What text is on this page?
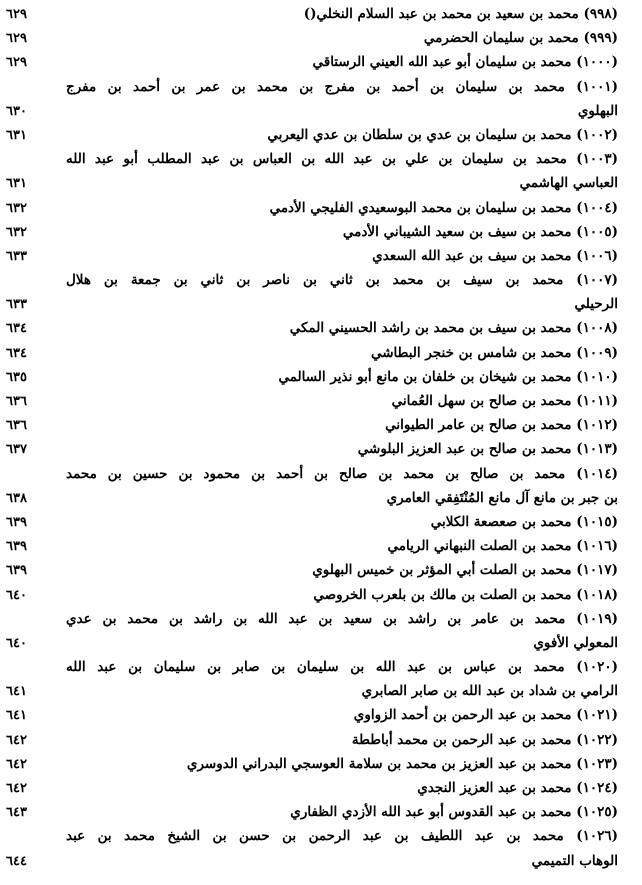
(٩٩٨) محمد بن سعيد بن محمد بن عبد السلام النخلي()
٦٢٩
(٩٩٩) محمد بن سليمان الحضرمي
٦٢٩
(١٠٠٠) محمد بن سليمان أبو عبد الله العيني الرستاقي
٦٢٩
(١٠٠١) محمد بن سليمان بن أحمد بن مفرج بن محمد بن عمر بن أحمد بن مفرج
البهلوي
٦٣٠
(١٠٠٢) محمد بن سليمان بن عدي بن سلطان بن عدي اليعربي
٦٣١
(١٠٠٣) محمد بن سليمان بن علي بن عبد الله بن العباس بن عبد المطلب أبو عبد الله
العباسي الهاشمي
٦٣١
(١٠٠٤) محمد بن سليمان بن محمد البوسعيدي الفليجي الأدمي
٦٣٢
(١٠٠٥) محمد بن سيف بن سعيد الشيباني الأدمي
٦٣٢
(١٠٠٦) محمد بن سيف بن عبد الله السعدي
٦٣٣
(١٠٠٧) محمد بن سيف بن محمد بن ثاني بن ناصر بن ثاني بن جمعة بن هلال
الرحيلي
٦٣٣
(١٠٠٨) محمد بن سيف بن محمد بن راشد الحسيني المكي
٦٣٤
(١٠٠٩) محمد بن شامس بن خنجر البطاشي
٦٣٤
(١٠١٠) محمد بن شيخان بن خلفان بن مانع أبو نذير السالمي
٦٣٥
(١٠١١) محمد بن صالح بن سهل العُماني
٦٣٦
(١٠١٢) محمد بن صالح بن عامر الطيواني
٦٣٦
(١٠١٣) محمد بن صالح بن عبد العزيز البلوشي
٦٣٧
(١٠١٤) محمد بن صالح بن محمد بن صالح بن أحمد بن محمود بن حسين بن محمد
بن جبر بن مانع آل مانع المُنْتَفِقي العامري
٦٣٨
(١٠١٥) محمد بن صعصعة الكلابي
٦٣٩
(١٠١٦) محمد بن الصلت النبهاني الريامي
٦٣٩
(١٠١٧) محمد بن الصلت أبي المؤثر بن خميس البهلوي
٦٣٩
(١٠١٨) محمد بن الصلت بن مالك بن بلعرب الخروصي
٦٤٠
(١٠١٩) محمد بن عامر بن راشد بن سعيد بن عبد الله بن راشد بن محمد بن عدي
المعولي الأفوي
٦٤٠
(١٠٢٠) محمد بن عباس بن عبد الله بن سليمان بن صابر بن سليمان بن عبد الله
الرامي بن شداد بن عبد الله بن صابر الصابري
٦٤١
(١٠٢١) محمد بن عبد الرحمن بن أحمد الزواوي
٦٤١
(١٠٢٢) محمد بن عبد الرحمن بن محمد أباططة
٦٤٢
(١٠٢٣) محمد بن عبد العزيز بن محمد بن سلامة العوسجي البدراني الدوسري
٦٤٢
(١٠٢٤) محمد بن عبد العزيز النجدي
٦٤٢
(١٠٢٥) محمد بن عبد القدوس أبو عبد الله الأزدي الظفاري
٦٤٣
(١٠٢٦) محمد بن عبد اللطيف بن عبد الرحمن بن حسن بن الشيخ محمد بن عبد
الوهاب التميمي
٦٤٤
